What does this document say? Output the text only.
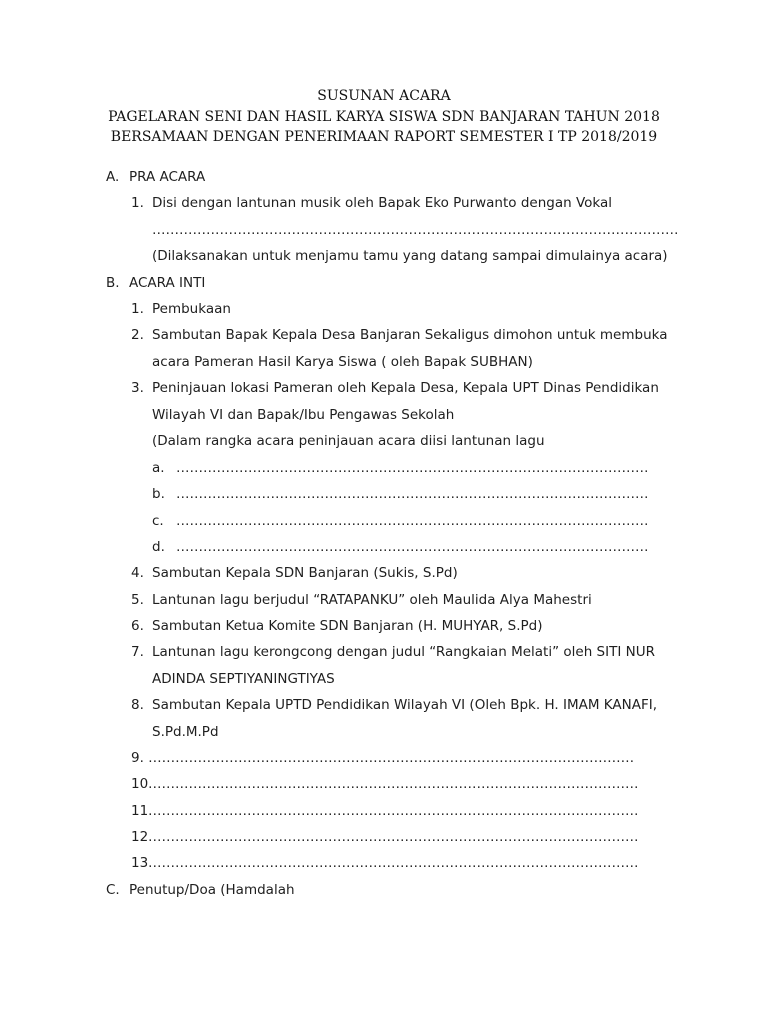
SUSUNAN ACARA
PAGELARAN SENI DAN HASIL KARYA SISWA SDN BANJARAN TAHUN 2018
BERSAMAAN DENGAN PENERIMAAN RAPORT SEMESTER I TP 2018/2019
A. PRA ACARA
1. Disi dengan lantunan musik oleh Bapak Eko Purwanto dengan Vokal
………………………………………………………………………………………………………
(Dilaksanakan untuk menjamu tamu yang datang sampai dimulainya acara)
B. ACARA INTI
1. Pembukaan
2. Sambutan Bapak Kepala Desa Banjaran Sekaligus dimohon untuk membuka
acara Pameran Hasil Karya Siswa ( oleh Bapak SUBHAN)
3. Peninjauan lokasi Pameran oleh Kepala Desa, Kepala UPT Dinas Pendidikan
Wilayah VI dan Bapak/Ibu Pengawas Sekolah
(Dalam rangka acara peninjauan acara diisi lantunan lagu
a. ……………………………………………………………………………………………
b. ……………………………………………………………………………………………
c. ……………………………………………………………………………………………
d. ……………………………………………………………………………………………
4. Sambutan Kepala SDN Banjaran (Sukis, S.Pd)
5. Lantunan lagu berjudul “RATAPANKU” oleh Maulida Alya Mahestri
6. Sambutan Ketua Komite SDN Banjaran (H. MUHYAR, S.Pd)
7. Lantunan lagu kerongcong dengan judul “Rangkaian Melati” oleh SITI NUR
ADINDA SEPTIYANINGTIYAS
8. Sambutan Kepala UPTD Pendidikan Wilayah VI (Oleh Bpk. H. IMAM KANAFI,
S.Pd.M.Pd
9. ………………………………………………………………………………………………
10.………………………………………………………………………………………………
11.………………………………………………………………………………………………
12.………………………………………………………………………………………………
13.………………………………………………………………………………………………
C. Penutup/Doa (Hamdalah
